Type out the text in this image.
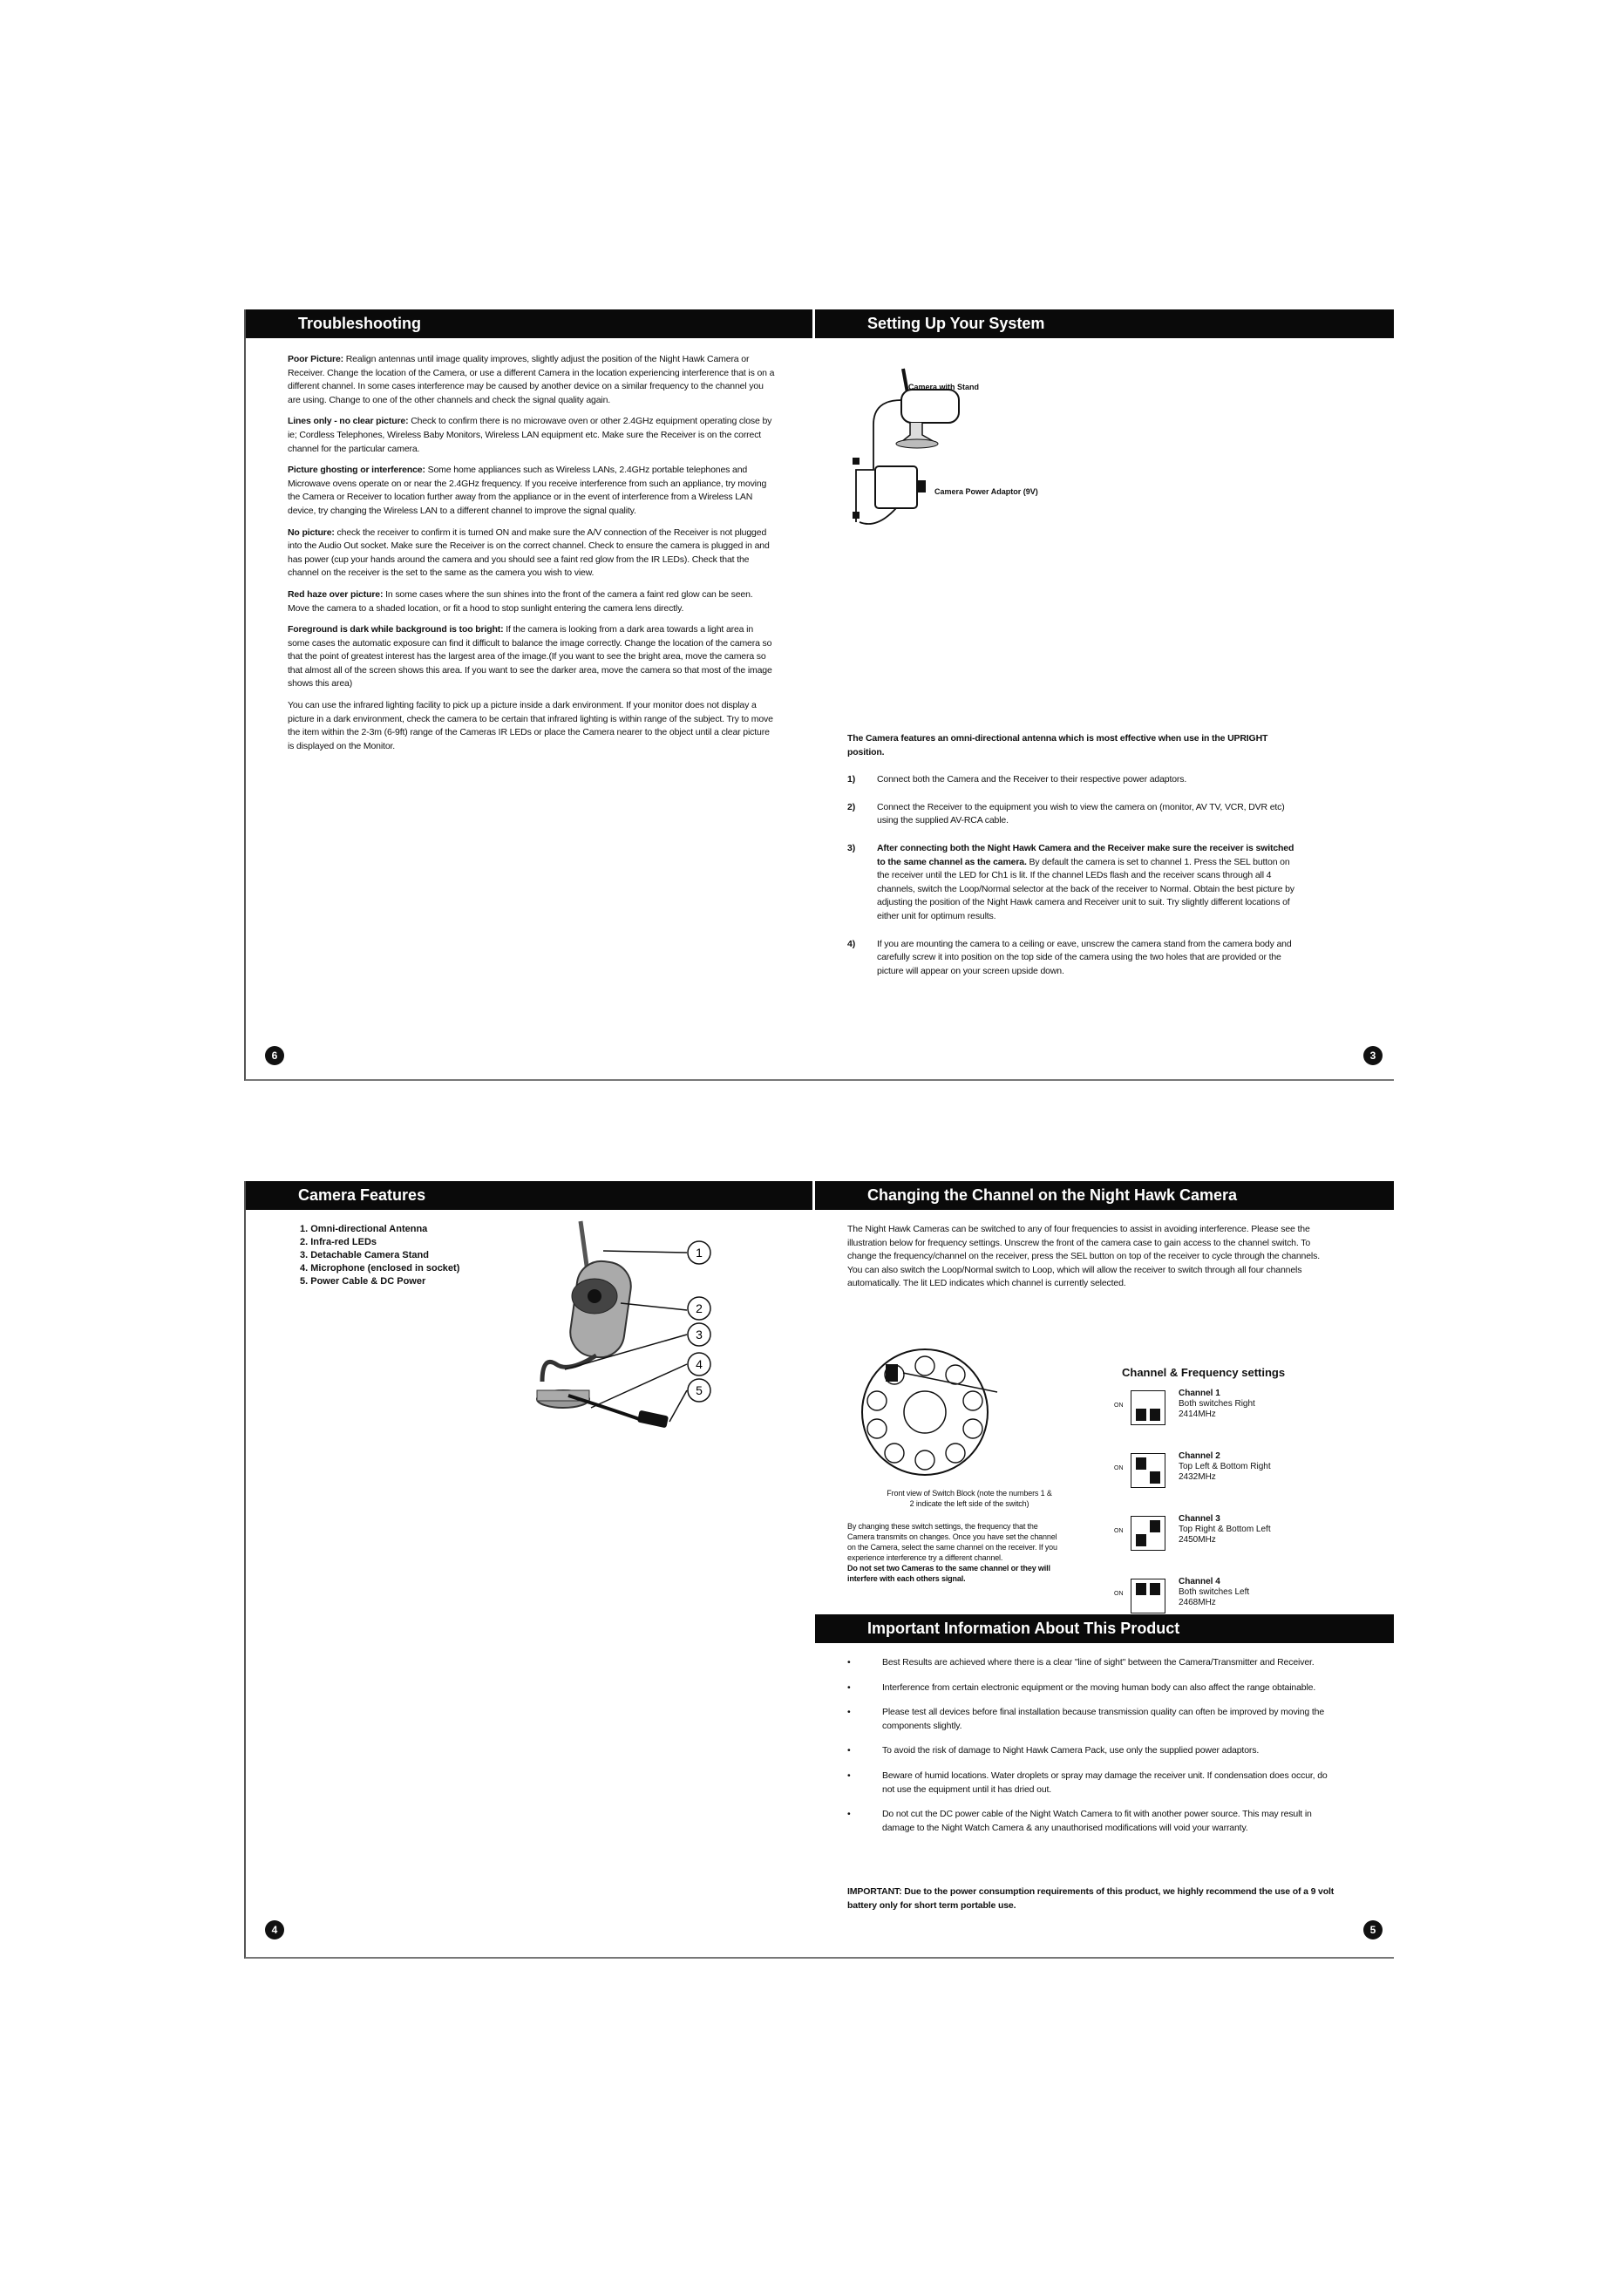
Troubleshooting	Setting Up Your System

Poor Picture: Realign antennas until image quality improves, slightly adjust the position of the Night Hawk Camera or Receiver. Change the location of the Camera, or use a different Camera in the location experiencing interference that is on a different channel. In some cases interference may be caused by another device on a similar frequency to the channel you are using. Change to one of the other channels and check the signal quality again.

Lines only - no clear picture: Check to confirm there is no microwave oven or other 2.4GHz equipment operating close by ie; Cordless Telephones, Wireless Baby Monitors, Wireless LAN equipment etc. Make sure the Receiver is on the correct channel for the particular camera.

Picture ghosting or interference: Some home appliances such as Wireless LANs, 2.4GHz portable telephones and Microwave ovens operate on or near the 2.4GHz frequency. If you receive interference from such an appliance, try moving the Camera or Receiver to location further away from the appliance or in the event of interference from a Wireless LAN device, try changing the Wireless LAN to a different channel to improve the signal quality.

No picture: check the receiver to confirm it is turned ON and make sure the A/V connection of the Receiver is not plugged into the Audio Out socket. Make sure the Receiver is on the correct channel. Check to ensure the camera is plugged in and has power (cup your hands around the camera and you should see a faint red glow from the IR LEDs). Check that the channel on the receiver is the set to the same as the camera you wish to view.

Red haze over picture: In some cases where the sun shines into the front of the camera a faint red glow can be seen. Move the camera to a shaded location, or fit a hood to stop sunlight entering the camera lens directly.

Foreground is dark while background is too bright: If the camera is looking from a dark area towards a light area in some cases the automatic exposure can find it difficult to balance the image correctly. Change the location of the camera so that the point of greatest interest has the largest area of the image.(If you want to see the bright area, move the camera so that almost all of the screen shows this area. If you want to see the darker area, move the camera so that most of the image shows this area)

You can use the infrared lighting facility to pick up a picture inside a dark environment. If your monitor does not display a picture in a dark environment, check the camera to be certain that infrared lighting is within range of the subject. Try to move the item within the 2-3m (6-9ft) range of the Cameras IR LEDs or place the Camera nearer to the object until a clear picture is displayed on the Monitor.

6
Camera with Stand
Camera Power Adaptor (9V)

The Camera features an omni-directional antenna which is most effective when use in the UPRIGHT position.

1) Connect both the Camera and the Receiver to their respective power adaptors.
2) Connect the Receiver to the equipment you wish to view the camera on (monitor, AV TV, VCR, DVR etc) using the supplied AV-RCA cable.
3) After connecting both the Night Hawk Camera and the Receiver make sure the receiver is switched to the same channel as the camera. By default the camera is set to channel 1. Press the SEL button on the receiver until the LED for Ch1 is lit. If the channel LEDs flash and the receiver scans through all 4 channels, switch the Loop/Normal selector at the back of the receiver to Normal. Obtain the best picture by adjusting the position of the Night Hawk camera and Receiver unit to suit. Try slightly different locations of either unit for optimum results.
4) If you are mounting the camera to a ceiling or eave, unscrew the camera stand from the camera body and carefully screw it into position on the top side of the camera using the two holes that are provided or the picture will appear on your screen upside down.
3
Camera Features	Changing the Channel on the Night Hawk Camera
1. Omni-directional Antenna
2. Infra-red LEDs
3. Detachable Camera Stand
4. Microphone (enclosed in socket)
5. Power Cable & DC Power
1
2
3
4
5
4

The Night Hawk Cameras can be switched to any of four frequencies to assist in avoiding interference. Please see the illustration below for frequency settings. Unscrew the front of the camera case to gain access to the channel switch. To change the frequency/channel on the receiver, press the SEL button on top of the receiver to cycle through the channels. You can also switch the Loop/Normal switch to Loop, which will allow the receiver to switch through all four channels automatically. The lit LED indicates which channel is currently selected.

Front view of Switch Block (note the numbers 1 & 2 indicate the left side of the switch)

By changing these switch settings, the frequency that the Camera transmits on changes. Once you have set the channel on the Camera, select the same channel on the receiver. If you experience interference try a different channel.

Do not set two Cameras to the same channel or they will interfere with each others signal.

Channel & Frequency settings
ON
Channel 1
Both switches Right
2414MHz
ON
Channel 2
Top Left & Bottom Right
2432MHz
ON
Channel 3
Top Right & Bottom Left
2450MHz
ON
Channel 4
Both switches Left
2468MHz
Important Information About This Product
•	Best Results are achieved where there is a clear "line of sight" between the Camera/Transmitter and Receiver.
•	Interference from certain electronic equipment or the moving human body can also affect the range obtainable.
•	Please test all devices before final installation because transmission quality can often be improved by moving the components slightly.
•	To avoid the risk of damage to Night Hawk Camera Pack, use only the supplied power adaptors.
•	Beware of humid locations. Water droplets or spray may damage the receiver unit. If condensation does occur, do not use the equipment until it has dried out.
•	Do not cut the DC power cable of the Night Watch Camera to fit with another power source. This may result in damage to the Night Watch Camera & any unauthorised modifications will void your warranty.

IMPORTANT: Due to the power consumption requirements of this product, we highly recommend the use of a 9 volt battery only for short term portable use.

5
